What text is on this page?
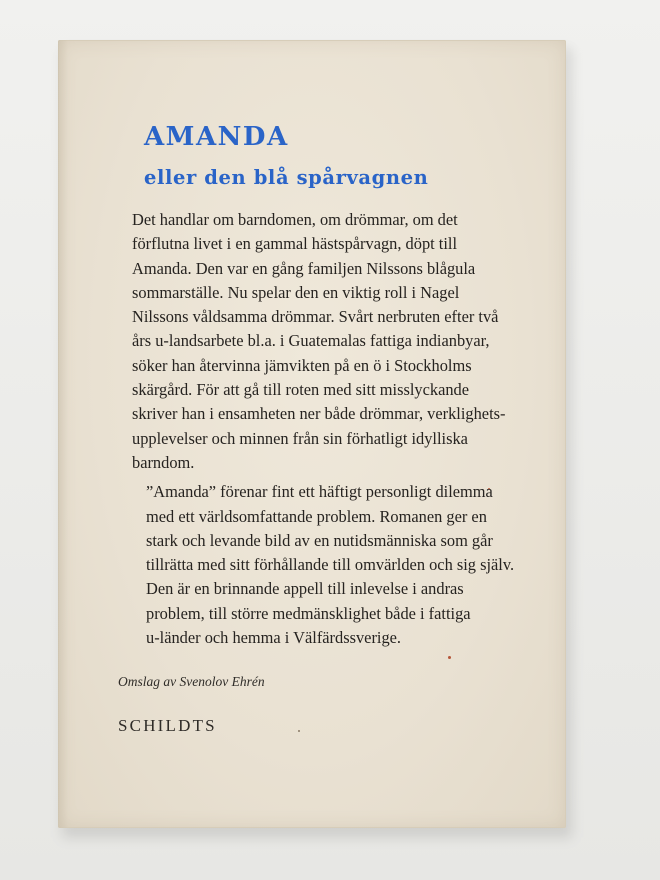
AMANDA
eller den blå spårvagnen

Det handlar om barndomen, om drömmar, om det
förflutna livet i en gammal hästspårvagn, döpt till
Amanda. Den var en gång familjen Nilssons blågula
sommarställe. Nu spelar den en viktig roll i Nagel
Nilssons våldsamma drömmar. Svårt nerbruten efter två
års u-landsarbete bl.a. i Guatemalas fattiga indianbyar,
söker han återvinna jämvikten på en ö i Stockholms
skärgård. För att gå till roten med sitt misslyckande
skriver han i ensamheten ner både drömmar, verklighets-
upplevelser och minnen från sin förhatligt idylliska
barndom.

”Amanda” förenar fint ett häftigt personligt dilemma
med ett världsomfattande problem. Romanen ger en
stark och levande bild av en nutidsmänniska som går
tillrätta med sitt förhållande till omvärlden och sig själv.
Den är en brinnande appell till inlevelse i andras
problem, till större medmänsklighet både i fattiga
u-länder och hemma i Välfärdssverige.

Omslag av Svenolov Ehrén

SCHILDTS
